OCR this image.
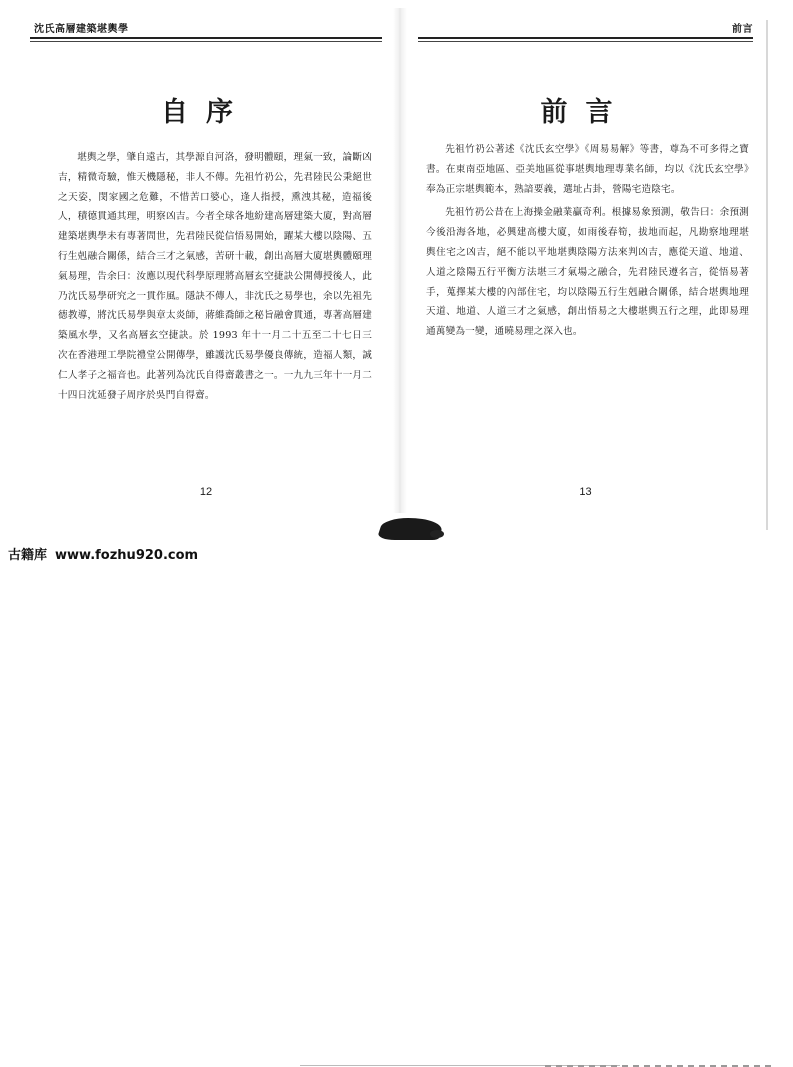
沈氏高層建築堪輿學
自序

堪輿之學，肇自遠古，其學源自河洛，發明體頤，理氣一致，論斷凶吉，精微奇驗，惟天機隱秘，非人不傳。先祖竹礽公，先君陸民公秉絕世之天姿，閔家國之危難，不惜苦口婆心，逢人指授，熏洩其秘，造福後人，積德貫通其理，明察凶吉。今者全球各地紛建高層建築大廈，對高層建築堪輿學未有專著問世，先君陸民從信悟易開始，躍某大樓以陰陽、五行生剋融合關係，結合三才之氣感，苦研十載，創出高層大廈堪輿體頤理氣易理，告余曰：汝應以現代科學原理將高層玄空捷訣公開傳授後人，此乃沈氏易學研究之一貫作風。隱訣不傳人，非沈氏之易學也，余以先祖先德教導，將沈氏易學與章太炎師，蔣維喬師之秘旨融會貫通，專著高層建築風水學，又名高層玄空捷訣。於 1993 年十一月二十五至二十七日三次在香港理工學院禮堂公開傳學，雖護沈氏易學優良傳統，造福人類，誠仁人孝子之福音也。此著列為沈氏自得齋叢書之一。一九九三年十一月二十四日沈延發子周序於吳門自得齋。

12
前言
前言

先祖竹礽公著述《沈氏玄空學》《周易易解》等書，尊為不可多得之寶書。在東南亞地區、亞美地區從事堪輿地理專業名師，均以《沈氏玄空學》奉為正宗堪輿範本，熟諳要義，選址占卦，營陽宅造陰宅。

先祖竹礽公昔在上海操金融業贏奇利。根據易象預測，敬告曰：余預測今後沿海各地，必興建高樓大廈，如雨後春筍，拔地而起，凡勘察地理堪輿住宅之凶吉，絕不能以平地堪輿陰陽方法來判凶吉，應從天道、地道、人道之陰陽五行平衡方法堪三才氣場之融合，先君陸民遵名言，從悟易著手，蒐擇某大樓的內部住宅，均以陰陽五行生剋融合關係，結合堪輿地理天道、地道、人道三才之氣感，創出悟易之大樓堪輿五行之理，此即易理通萬變為一變，通曉易理之深入也。

13
古籍库 www.fozhu920.com
